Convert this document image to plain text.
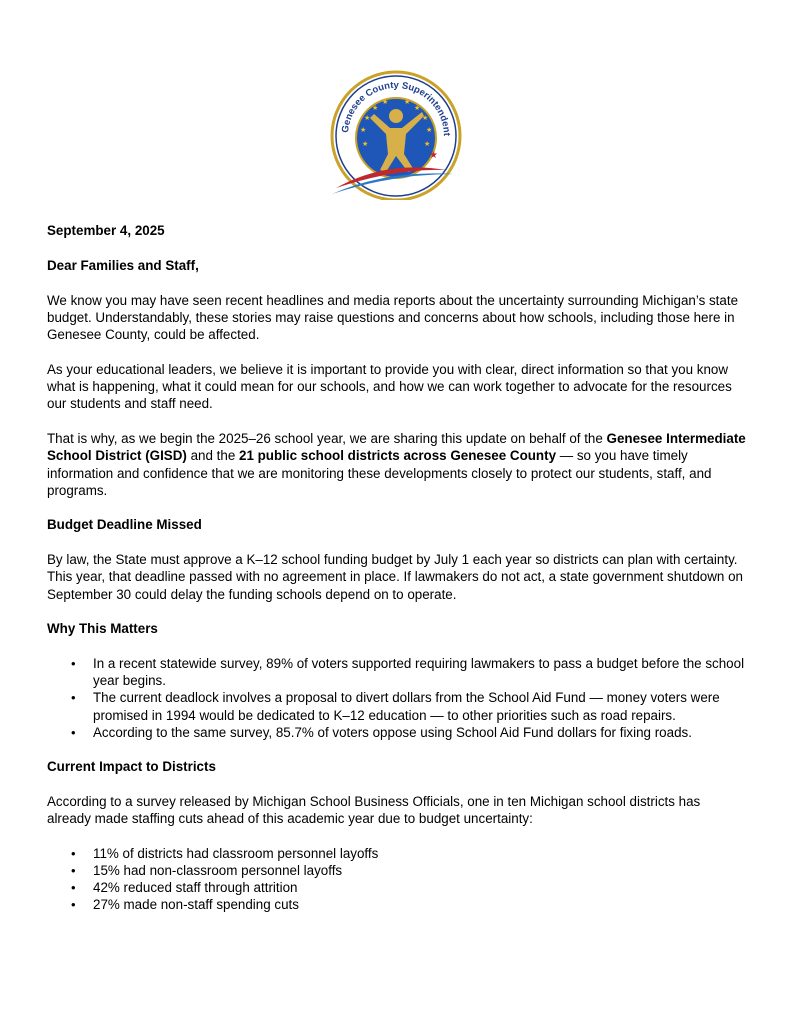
Genesee County Superintendent
★
★
★ ★
★
★
★
★
★	★
★

September 4, 2025

Dear Families and Staff,

We know you may have seen recent headlines and media reports about the uncertainty surrounding Michigan’s state budget. Understandably, these stories may raise questions and concerns about how schools, including those here in Genesee County, could be affected.

As your educational leaders, we believe it is important to provide you with clear, direct information so that you know what is happening, what it could mean for our schools, and how we can work together to advocate for the resources our students and staff need.

That is why, as we begin the 2025–26 school year, we are sharing this update on behalf of the Genesee Intermediate School District (GISD) and the 21 public school districts across Genesee County — so you have timely information and confidence that we are monitoring these developments closely to protect our students, staff, and programs.

Budget Deadline Missed

By law, the State must approve a K–12 school funding budget by July 1 each year so districts can plan with certainty. This year, that deadline passed with no agreement in place. If lawmakers do not act, a state government shutdown on September 30 could delay the funding schools depend on to operate.

Why This Matters

• In a recent statewide survey, 89% of voters supported requiring lawmakers to pass a budget before the school year begins.
• The current deadlock involves a proposal to divert dollars from the School Aid Fund — money voters were promised in 1994 would be dedicated to K–12 education — to other priorities such as road repairs.
• According to the same survey, 85.7% of voters oppose using School Aid Fund dollars for fixing roads.

Current Impact to Districts

According to a survey released by Michigan School Business Officials, one in ten Michigan school districts has already made staffing cuts ahead of this academic year due to budget uncertainty:

• 11% of districts had classroom personnel layoffs
• 15% had non-classroom personnel layoffs
• 42% reduced staff through attrition
• 27% made non-staff spending cuts
